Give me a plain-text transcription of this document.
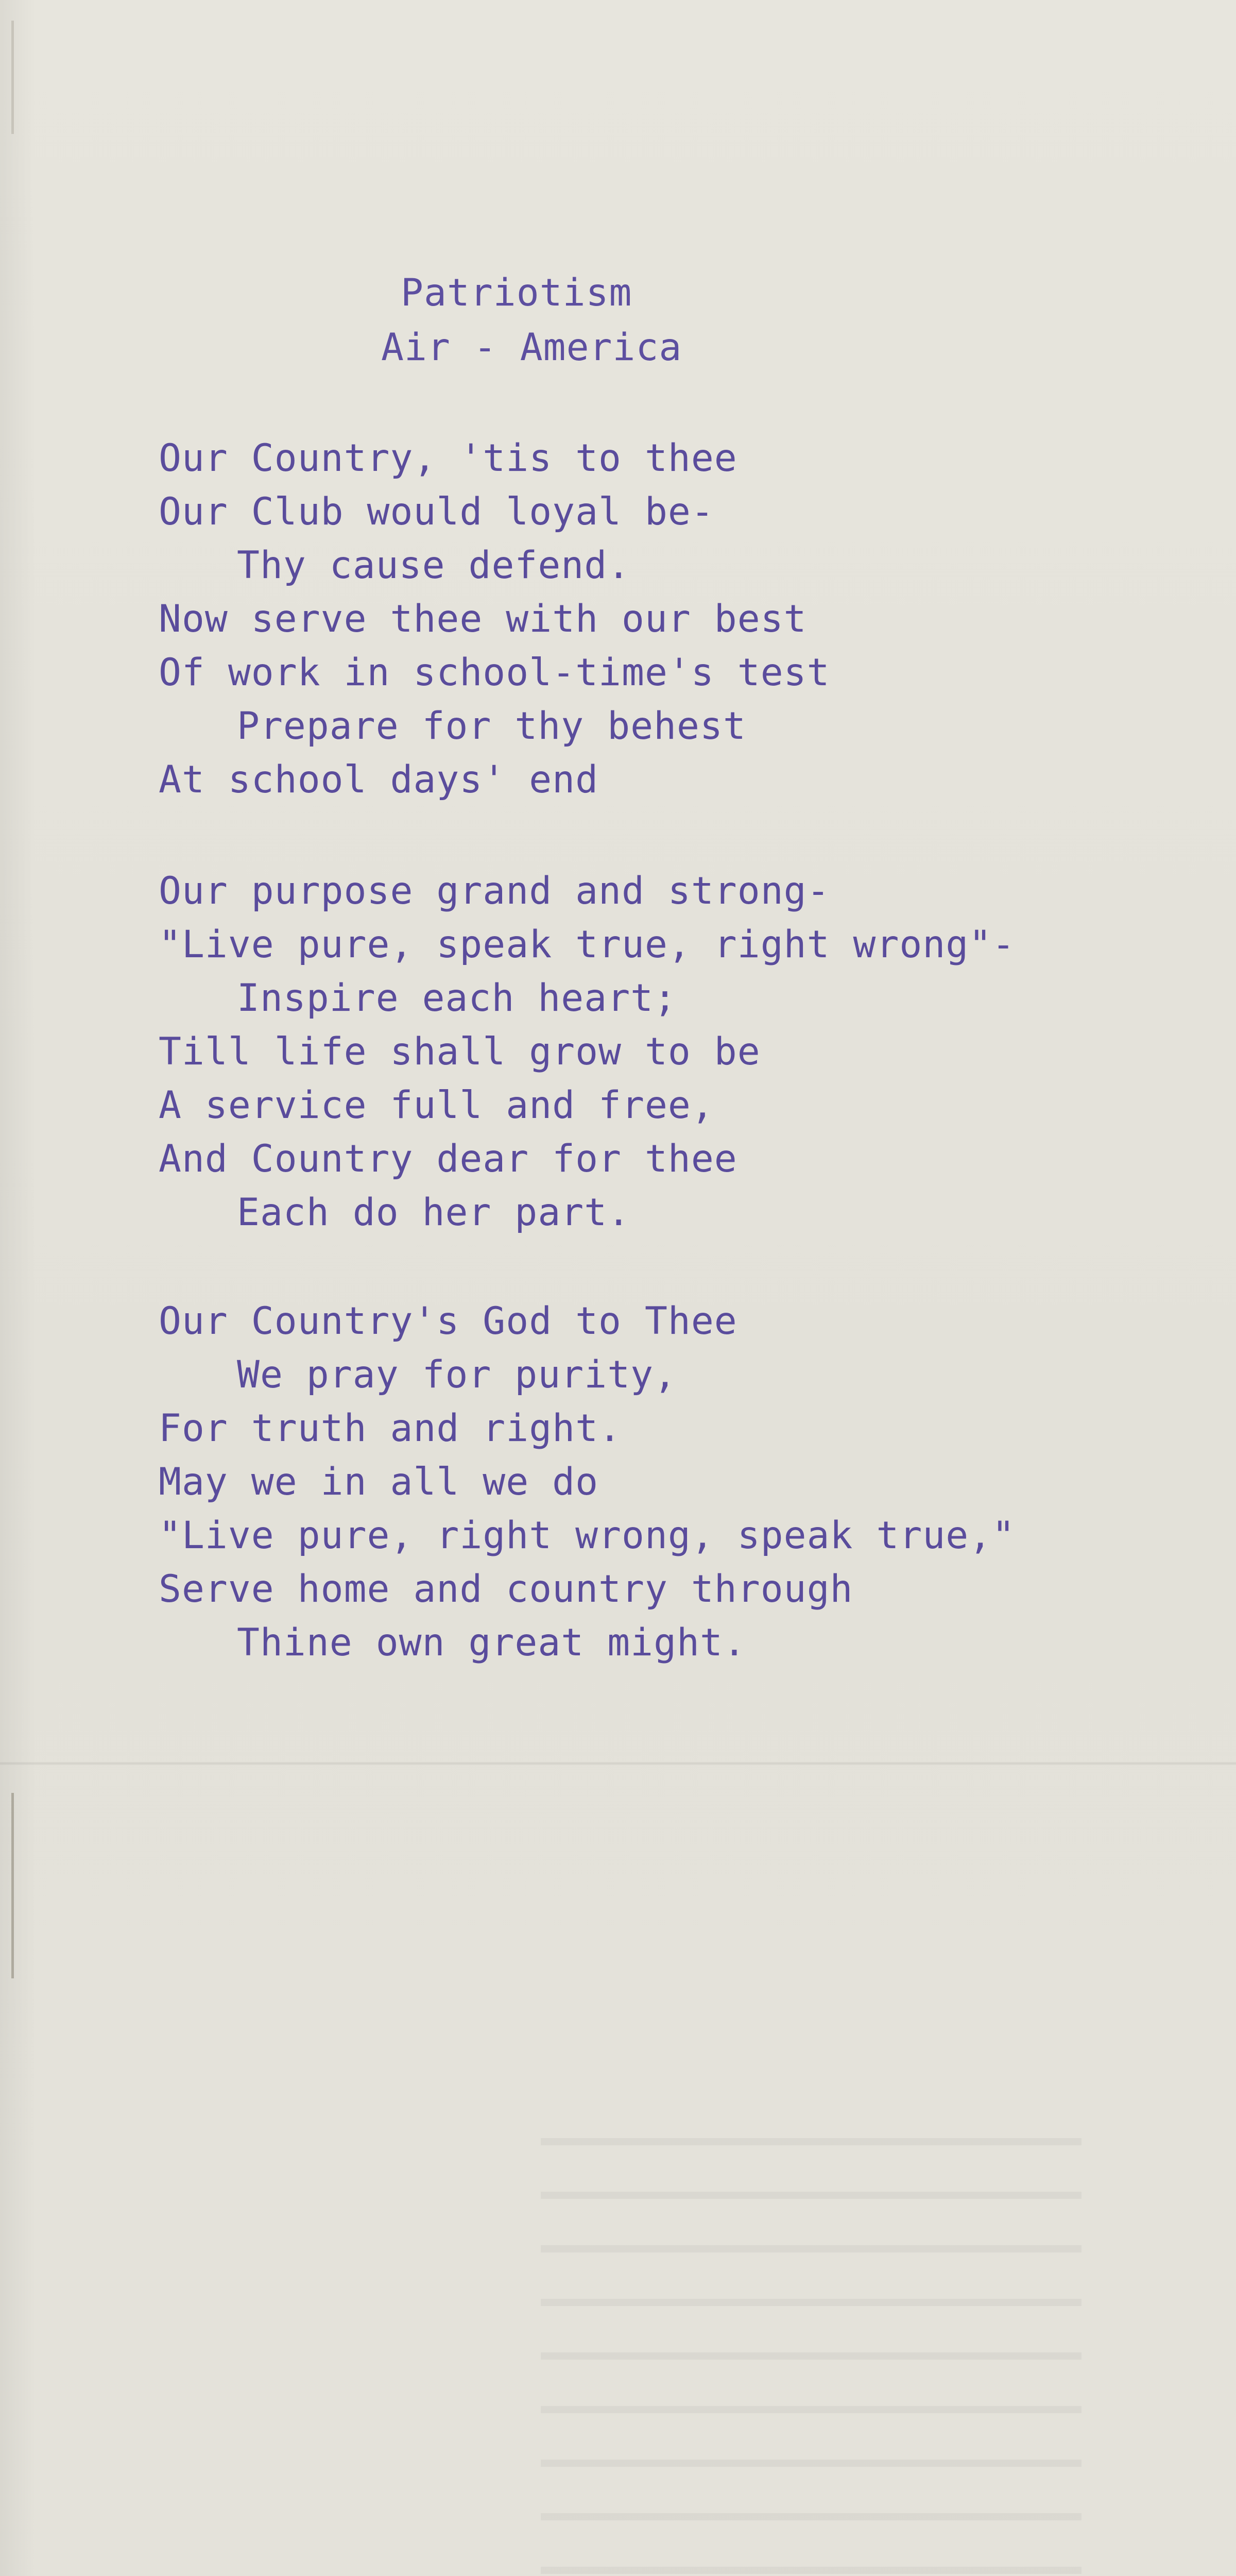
Patriotism
Air - America
Our Country, 'tis to thee
Our Club would loyal be-
Thy cause defend.
Now serve thee with our best
Of work in school-time's test
Prepare for thy behest
At school days' end
Our purpose grand and strong-
"Live pure, speak true, right wrong"-
Inspire each heart;
Till life shall grow to be
A service full and free,
And Country dear for thee
Each do her part.
Our Country's God to Thee
We pray for purity,
For truth and right.
May we in all we do
"Live pure, right wrong, speak true,"
Serve home and country through
Thine own great might.
